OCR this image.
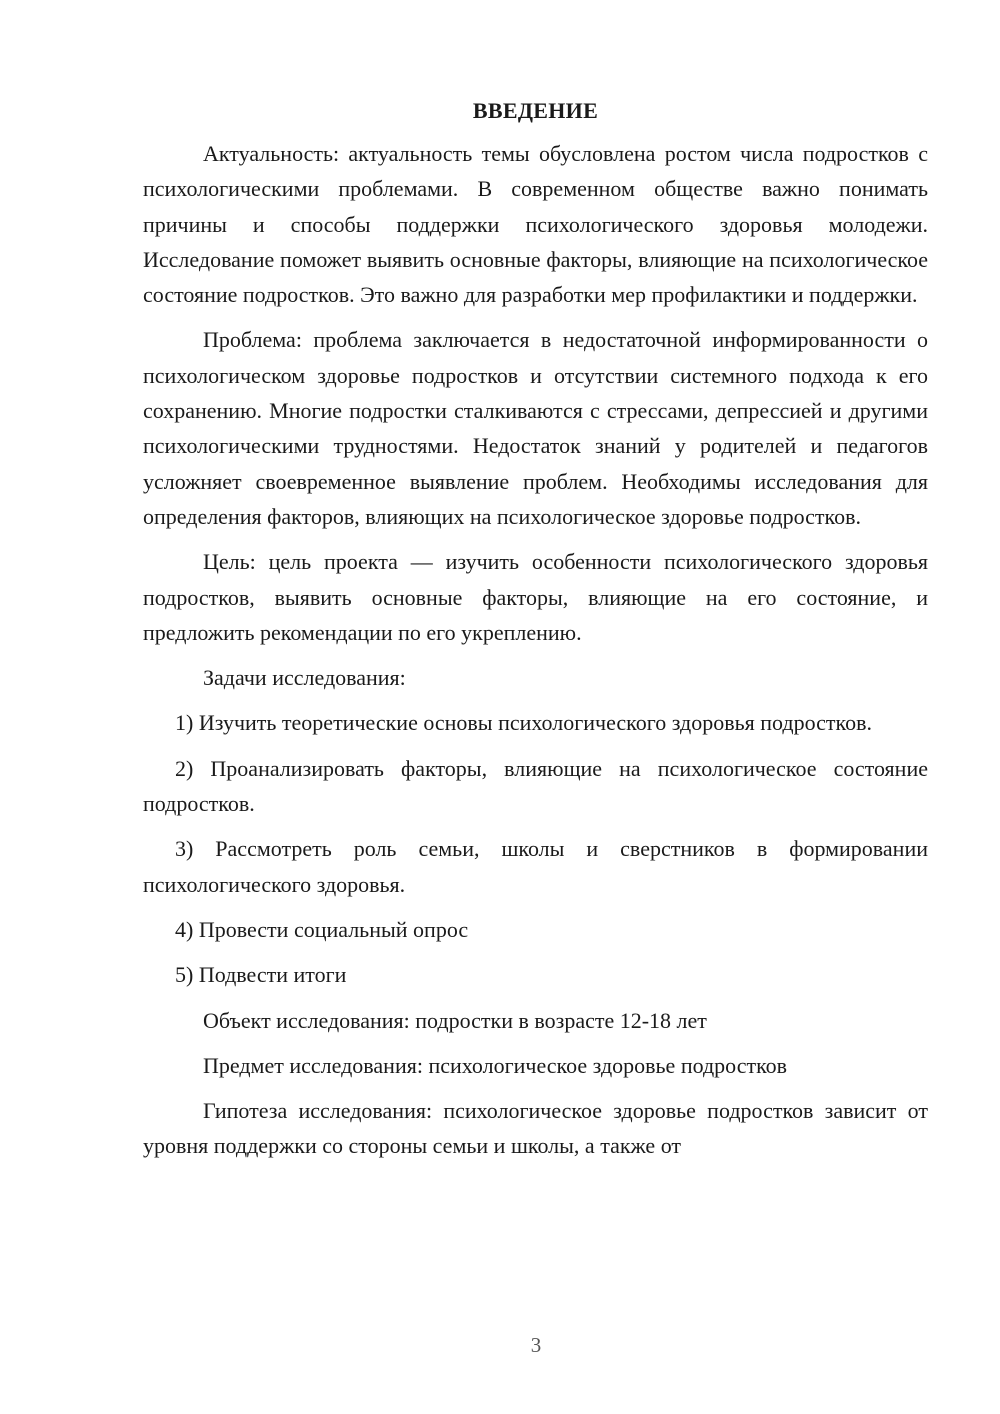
ВВЕДЕНИЕ

Актуальность: актуальность темы обусловлена ростом числа подростков с психологическими проблемами. В современном обществе важно понимать причины и способы поддержки психологического здоровья молодежи. Исследование поможет выявить основные факторы, влияющие на психологическое состояние подростков. Это важно для разработки мер профилактики и поддержки.

Проблема: проблема заключается в недостаточной информированности о психологическом здоровье подростков и отсутствии системного подхода к его сохранению. Многие подростки сталкиваются с стрессами, депрессией и другими психологическими трудностями. Недостаток знаний у родителей и педагогов усложняет своевременное выявление проблем. Необходимы исследования для определения факторов, влияющих на психологическое здоровье подростков.

Цель: цель проекта — изучить особенности психологического здоровья подростков, выявить основные факторы, влияющие на его состояние, и предложить рекомендации по его укреплению.

Задачи исследования:

1) Изучить теоретические основы психологического здоровья подростков.

2) Проанализировать факторы, влияющие на психологическое состояние подростков.

3) Рассмотреть роль семьи, школы и сверстников в формировании психологического здоровья.

4) Провести социальный опрос

5) Подвести итоги

Объект исследования: подростки в возрасте 12-18 лет

Предмет исследования: психологическое здоровье подростков

Гипотеза исследования: психологическое здоровье подростков зависит от уровня поддержки со стороны семьи и школы, а также от

3
